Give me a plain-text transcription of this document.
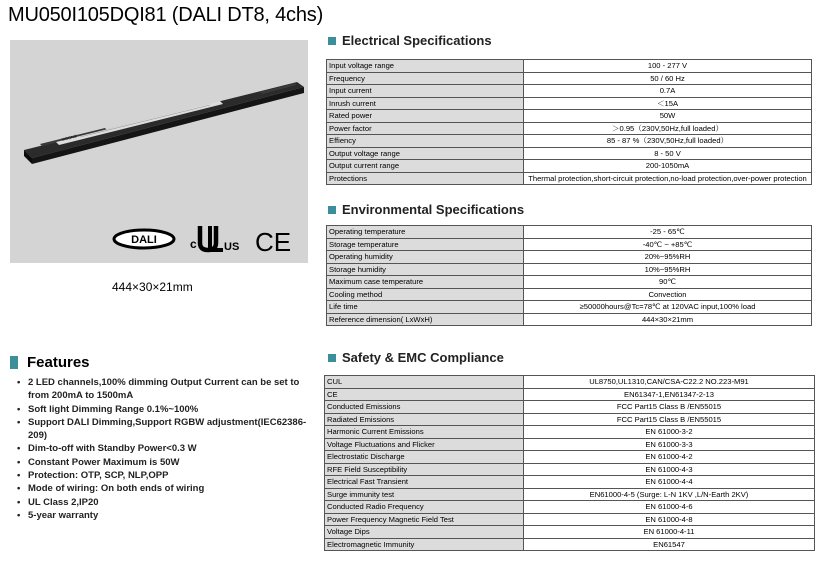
MU050I105DQI81 (DALI DT8, 4chs)
MOONS'
DALI	c US CE
444×30×21mm
Electrical Specifications
Input voltage range	100 - 277 V
Frequency	50 / 60 Hz
Input current	0.7A
Inrush current	＜15A
Rated power	50W
Power factor	＞0.95（230V,50Hz,full loaded）
Effiency	85 - 87 %（230V,50Hz,full loaded）
Output voltage range	8 - 50 V
Output current range	200-1050mA
Protections	Thermal protection,short-circuit protection,no-load protection,over-power protection
Environmental Specifications
Operating temperature	-25 - 65℃
Storage temperature	-40℃ ~ +85℃
Operating humidity	20%~95%RH
Storage humidity	10%~95%RH
Maximum case temperature	90℃
Cooling method	Convection
Life time	≥50000hours@Tc=78℃ at 120VAC input,100% load
Reference dimension( LxWxH)	444×30×21mm
Features
• 2 LED channels,100% dimming Output Current can be set to from 200mA to 1500mA
• Soft light Dimming Range 0.1%~100%
• Support DALI Dimming,Support RGBW adjustment(IEC62386-209)
• Dim-to-off with Standby Power<0.3 W
• Constant Power Maximum is 50W
• Protection: OTP, SCP, NLP,OPP
• Mode of wiring: On both ends of wiring
• UL Class 2,IP20
• 5-year warranty
Safety & EMC Compliance
CUL	UL8750,UL1310,CAN/CSA-C22.2 NO.223-M91
CE	EN61347-1,EN61347-2-13
Conducted Emissions	FCC Part15 Class B /EN55015
Radiated Emissions	FCC Part15 Class B /EN55015
Harmonic Current Emissions	EN 61000-3-2
Voltage Fluctuations and Flicker	EN 61000-3-3
Electrostatic Discharge	EN 61000-4-2
RFE Field Susceptibility	EN 61000-4-3
Electrical Fast Transient	EN 61000-4-4
Surge immunity test	EN61000-4-5 (Surge: L-N 1KV ,L/N-Earth 2KV)
Conducted Radio Frequency	EN 61000-4-6
Power Frequency Magnetic Field Test	EN 61000-4-8
Voltage Dips	EN 61000-4-11
Electromagnetic Immunity	EN61547
